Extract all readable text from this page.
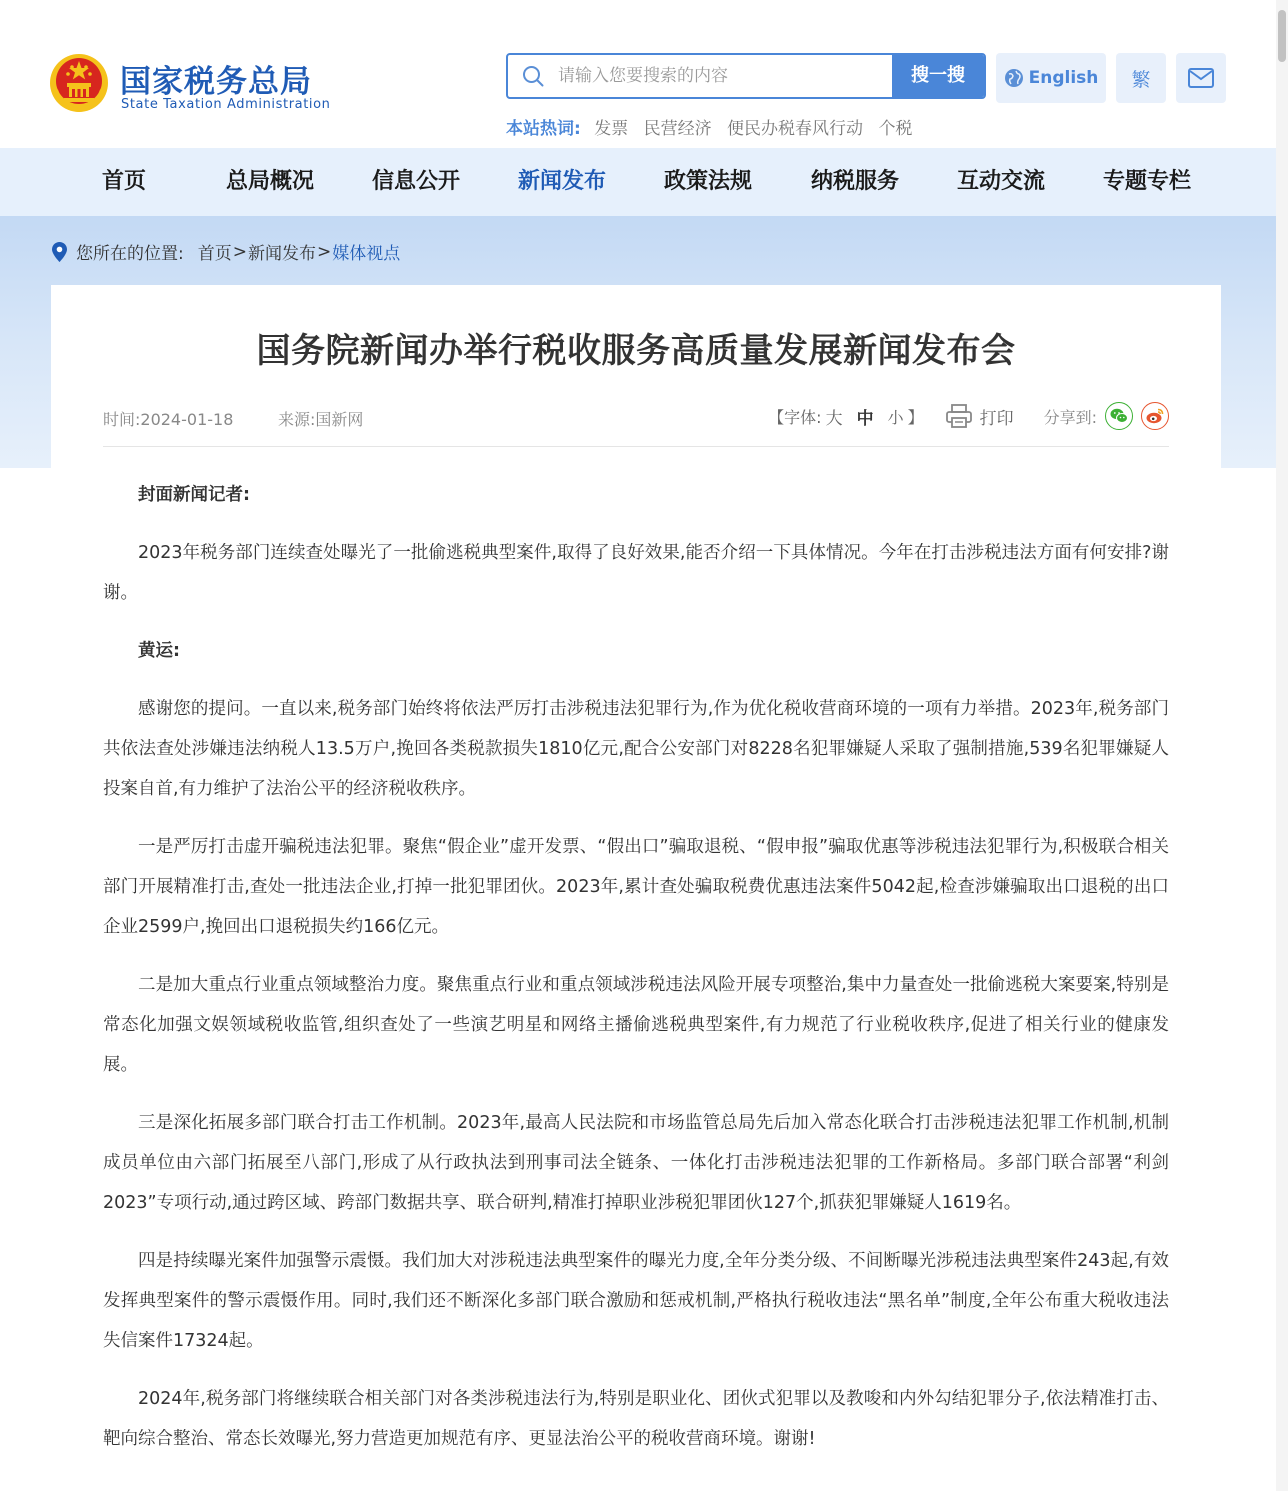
国家税务总局
State Taxation Administration
请输入您要搜索的内容
搜一搜	English	繁
本站热词: 发票 民营经济 便民办税春风行动 个税
首页	总局概况	信息公开	新闻发布	政策法规	纳税服务	互动交流	专题专栏
您所在的位置: 首页 > 新闻发布 > 媒体视点
国务院新闻办举行税收服务高质量发展新闻发布会
时间:2024-01-18	来源:国新网	【字体: 大 中 小 】	打印 分享到:

封面新闻记者:

2023年税务部门连续查处曝光了一批偷逃税典型案件,取得了良好效果,能否介绍一下具体情况。今年在打击涉税违法方面有何安排?谢谢。

黄运:

感谢您的提问。一直以来,税务部门始终将依法严厉打击涉税违法犯罪行为,作为优化税收营商环境的一项有力举措。2023年,税务部门共依法查处涉嫌违法纳税人13.5万户,挽回各类税款损失1810亿元,配合公安部门对8228名犯罪嫌疑人采取了强制措施,539名犯罪嫌疑人投案自首,有力维护了法治公平的经济税收秩序。

一是严厉打击虚开骗税违法犯罪。聚焦“假企业”虚开发票、“假出口”骗取退税、“假申报”骗取优惠等涉税违法犯罪行为,积极联合相关部门开展精准打击,查处一批违法企业,打掉一批犯罪团伙。2023年,累计查处骗取税费优惠违法案件5042起,检查涉嫌骗取出口退税的出口企业2599户,挽回出口退税损失约166亿元。

二是加大重点行业重点领域整治力度。聚焦重点行业和重点领域涉税违法风险开展专项整治,集中力量查处一批偷逃税大案要案,特别是常态化加强文娱领域税收监管,组织查处了一些演艺明星和网络主播偷逃税典型案件,有力规范了行业税收秩序,促进了相关行业的健康发展。

三是深化拓展多部门联合打击工作机制。2023年,最高人民法院和市场监管总局先后加入常态化联合打击涉税违法犯罪工作机制,机制成员单位由六部门拓展至八部门,形成了从行政执法到刑事司法全链条、一体化打击涉税违法犯罪的工作新格局。多部门联合部署“利剑2023”专项行动,通过跨区域、跨部门数据共享、联合研判,精准打掉职业涉税犯罪团伙127个,抓获犯罪嫌疑人1619名。

四是持续曝光案件加强警示震慑。我们加大对涉税违法典型案件的曝光力度,全年分类分级、不间断曝光涉税违法典型案件243起,有效发挥典型案件的警示震慑作用。同时,我们还不断深化多部门联合激励和惩戒机制,严格执行税收违法“黑名单”制度,全年公布重大税收违法失信案件17324起。

2024年,税务部门将继续联合相关部门对各类涉税违法行为,特别是职业化、团伙式犯罪以及教唆和内外勾结犯罪分子,依法精准打击、靶向综合整治、常态长效曝光,努力营造更加规范有序、更显法治公平的税收营商环境。谢谢!
